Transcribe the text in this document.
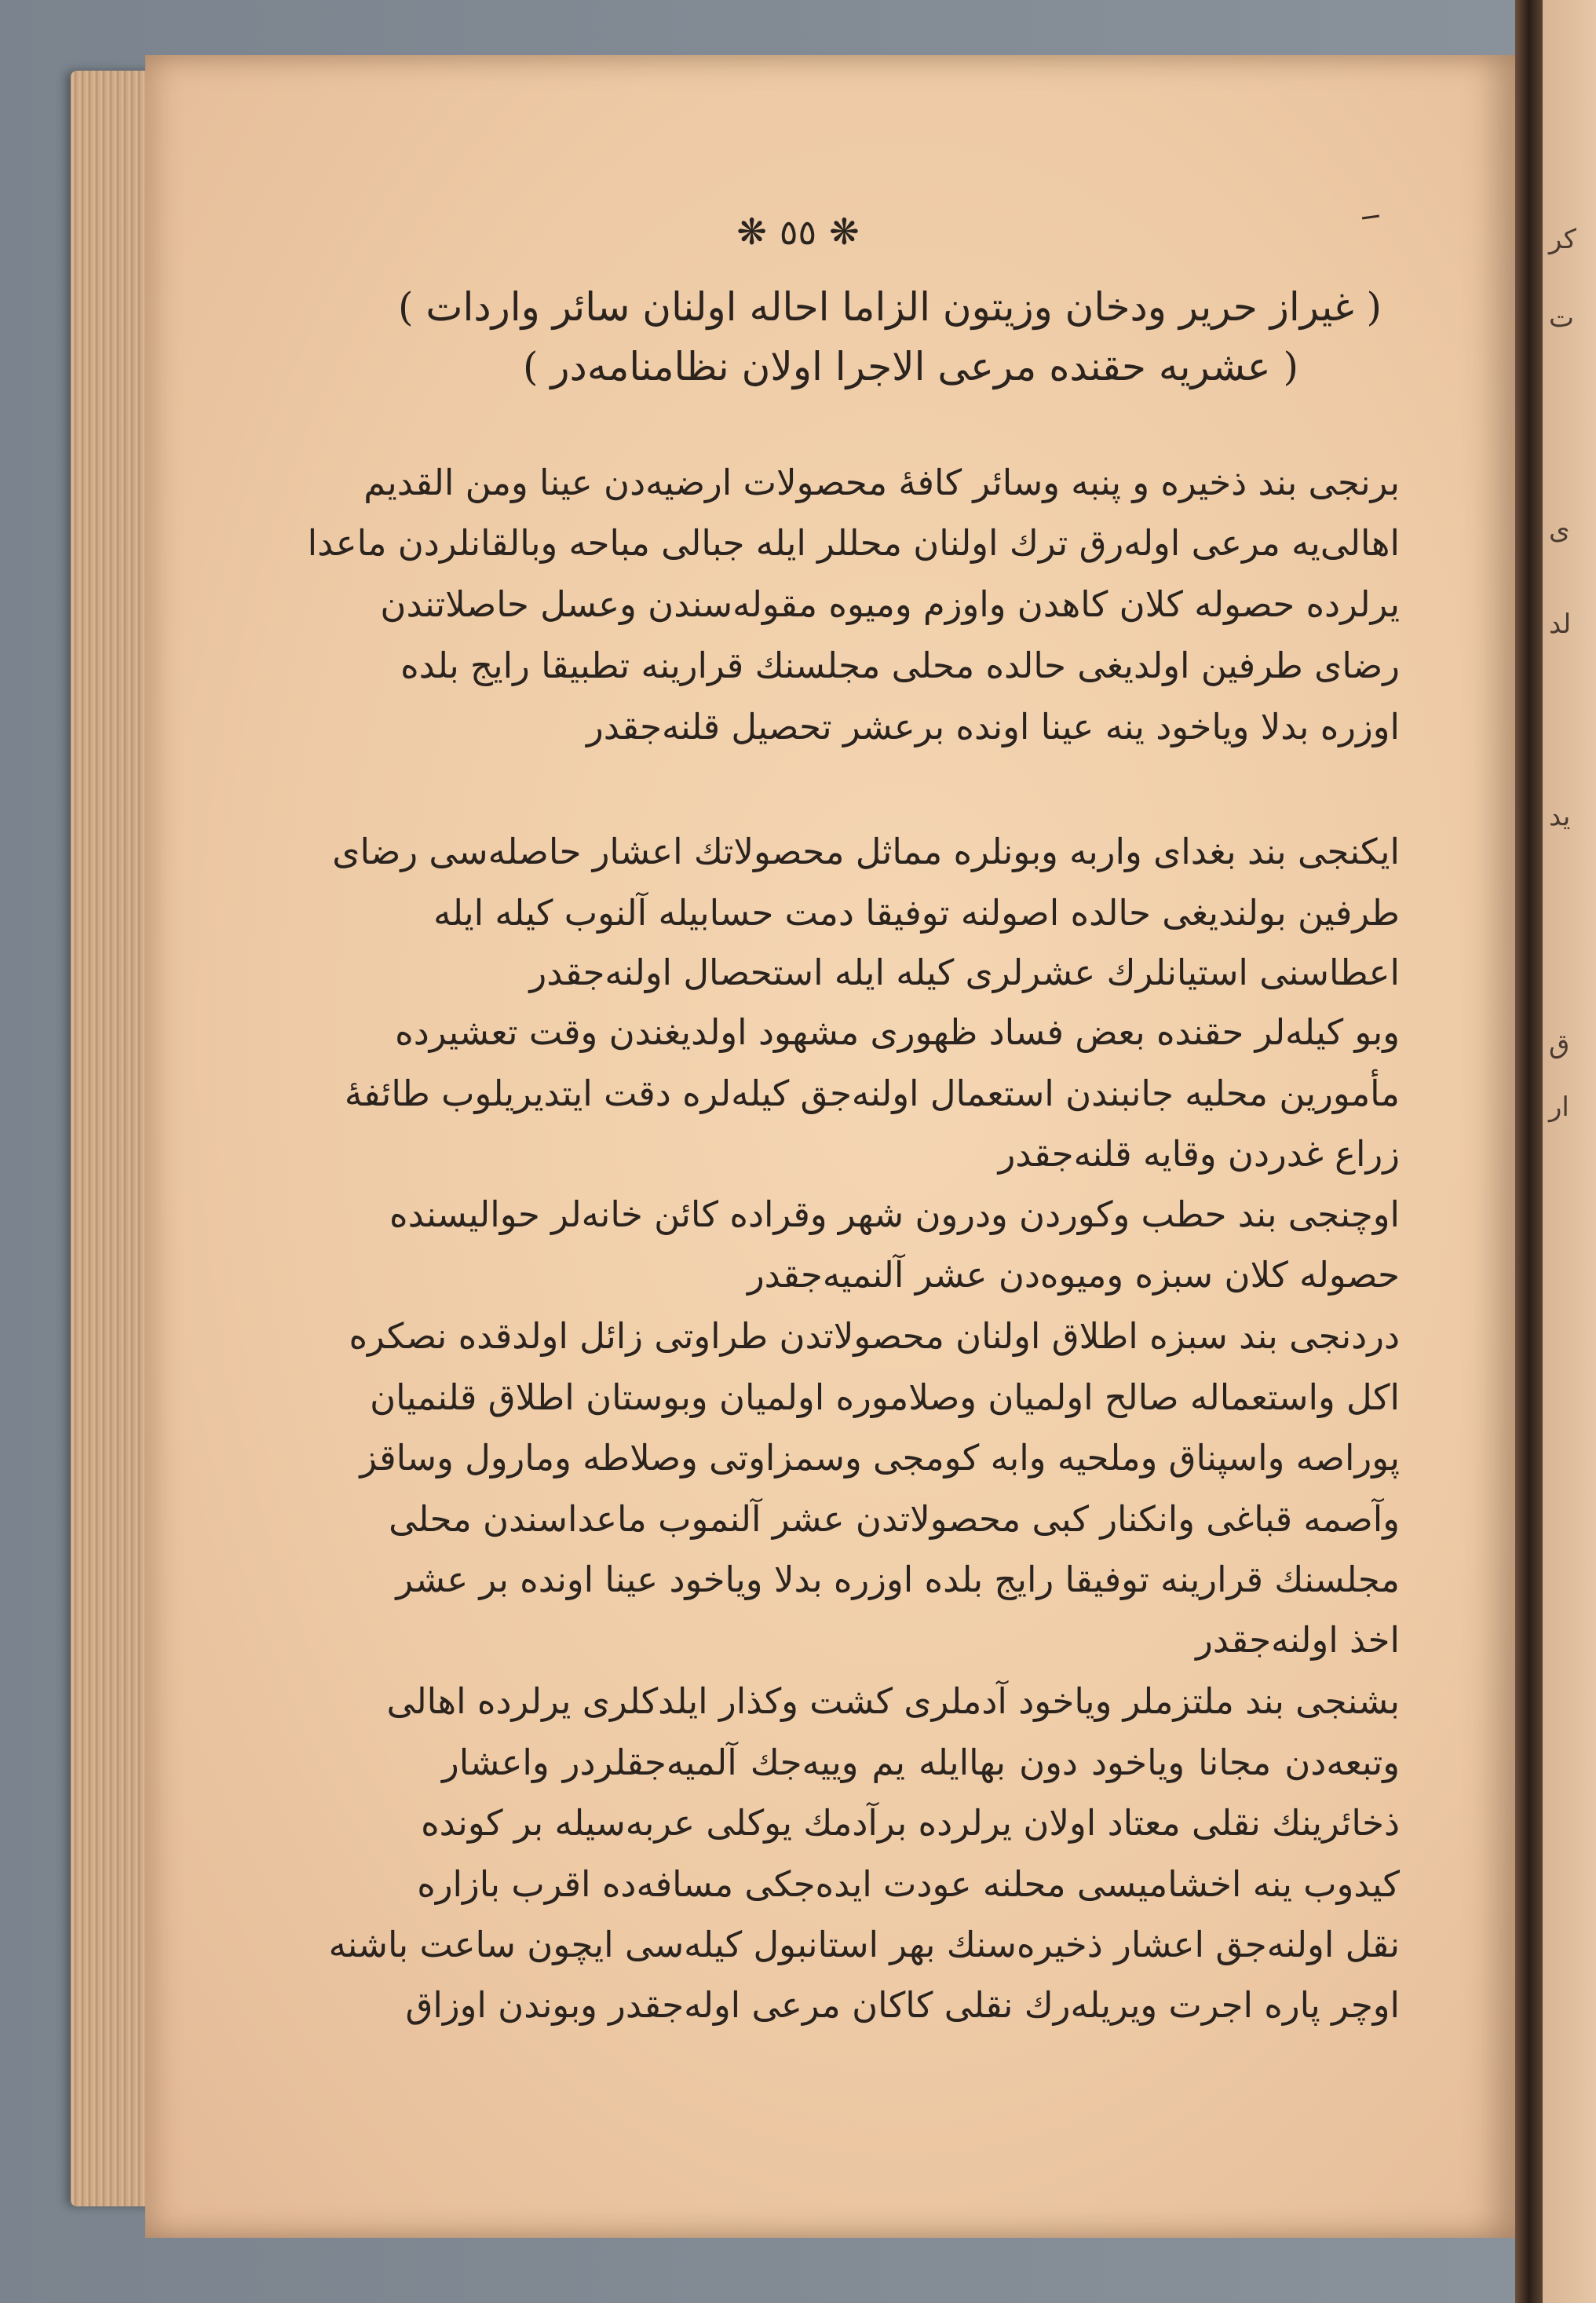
کر
ت
ی
لد
ید
ق
ار
❋ ٥٥ ❋
( غیراز حریر ودخان وزیتون الزاما احاله اولنان سائر واردات )
( عشریه حقنده مرعی الاجرا اولان نظامنامه‌در )
برنجی بند ذخیره و پنبه وسائر کافهٔ محصولات ارضیه‌دن عینا ومن القدیم
اهالی‌یه مرعی اوله‌رق ترك اولنان محللر ایله جبالی مباحه وبالقانلردن ماعدا
یرلرده حصوله کلان کاهدن واوزم ومیوه مقوله‌سندن وعسل حاصلاتندن
رضای طرفین اولدیغی حالده محلی مجلسنك قرارینه تطبیقا رایج بلده
اوزره بدلا وياخود ینه عینا اونده برعشر تحصیل قلنه‌جقدر
ایکنجی بند بغدای واربه وبونلره مماثل محصولاتك اعشار حاصله‌سی رضای
طرفین بولندیغی حالده اصولنه توفیقا دمت حسابیله آلنوب کیله ایله
اعطاسنی استیانلرك عشرلری کیله ایله استحصال اولنه‌جقدر
وبو کیله‌لر حقنده بعض فساد ظهوری مشهود اولدیغندن وقت تعشیرده
مأمورین محلیه جانبندن استعمال اولنه‌جق کیله‌لره دقت ایتدیریلوب طائفهٔ
زراع غدردن وقایه قلنه‌جقدر
اوچنجی بند حطب وکوردن ودرون شهر وقراده کائن خانه‌لر حوالیسنده
حصوله کلان سبزه ومیوه‌دن عشر آلنمیه‌جقدر
دردنجی بند سبزه اطلاق اولنان محصولاتدن طراوتی زائل اولدقده نصکره
اکل واستعماله صالح اولمیان وصلاموره اولمیان وبوستان اطلاق قلنمیان
پوراصه واسپناق وملحیه وابه کومجی وسمزاوتی وصلاطه ومارول وساقز
وآصمه قباغی وانکنار کبی محصولاتدن عشر آلنموب ماعداسندن محلی
مجلسنك قرارینه توفیقا رایج بلده اوزره بدلا وياخود عینا اونده بر عشر
اخذ اولنه‌جقدر
بشنجی بند ملتزملر وياخود آدملری کشت وکذار ایلدکلری یرلرده اهالی
وتبعه‌دن مجانا وياخود دون بهاایله یم ويیه‌جك آلمیه‌جقلردر واعشار
ذخائرینك نقلی معتاد اولان یرلرده برآدمك یوکلی عربه‌سیله بر کونده
کیدوب ینه اخشامیسی محلنه عودت ایده‌جکی مسافه‌ده اقرب بازاره
نقل اولنه‌جق اعشار ذخیره‌سنك بهر استانبول کیله‌سی ایچون ساعت باشنه
اوچر پاره اجرت ویریله‌رك نقلی کاکان مرعی اوله‌جقدر وبوندن اوزاق
